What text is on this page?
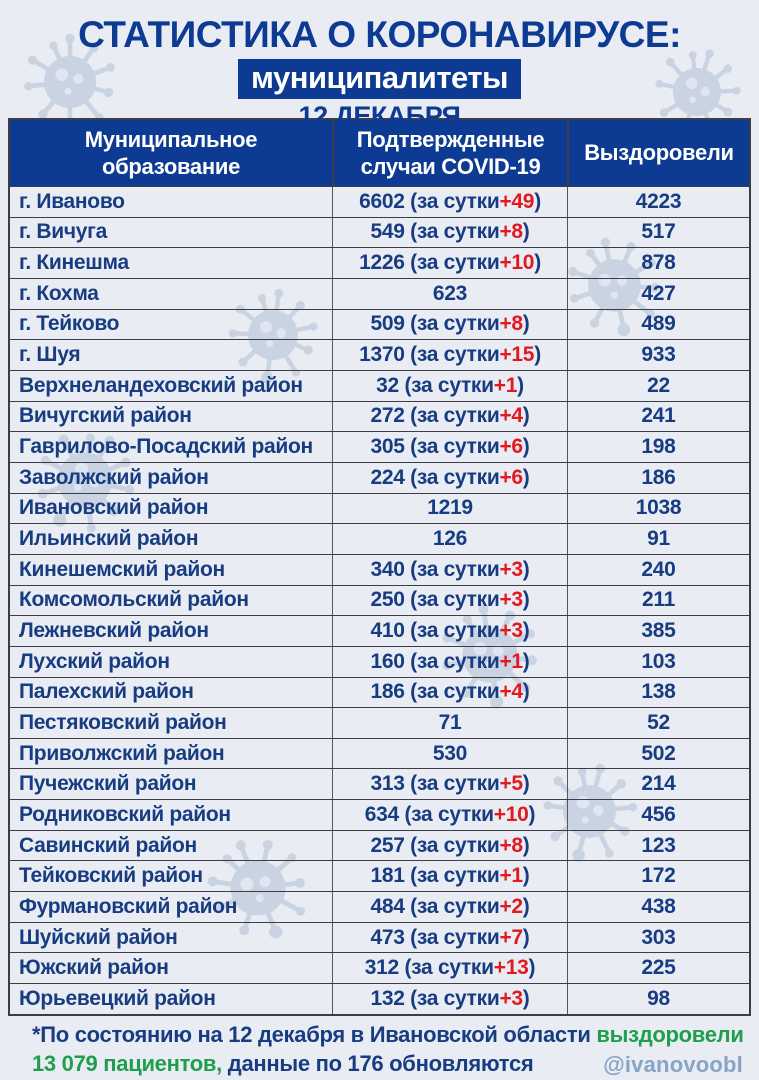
СТАТИСТИКА О КОРОНАВИРУСЕ:
муниципалитеты
12 ДЕКАБРЯ
Муниципальное образование
Подтвержденные случаи COVID-19
Выздоровели
г. Иваново	6602 (за сутки +49 )	4223
г. Вичуга	549 (за сутки +8 )	517
г. Кинешма	1226 (за сутки +10 )	878
г. Кохма	623	427
г. Тейково	509 (за сутки +8 )	489
г. Шуя	1370 (за сутки +15 )	933
Верхнеландеховский район	32 (за сутки +1 )	22
Вичугский район	272 (за сутки +4 )	241
Гаврилово-Посадский район	305 (за сутки +6 )	198
Заволжский район	224 (за сутки +6 )	186
Ивановский район	1219	1038
Ильинский район	126	91
Кинешемский район	340 (за сутки +3 )	240
Комсомольский район	250 (за сутки +3 )	211
Лежневский район	410 (за сутки +3 )	385
Лухский район	160 (за сутки +1 )	103
Палехский район	186 (за сутки +4 )	138
Пестяковский район	71	52
Приволжский район	530	502
Пучежский район	313 (за сутки +5 )	214
Родниковский район	634 (за сутки +10 )	456
Савинский район	257 (за сутки +8 )	123
Тейковский район	181 (за сутки +1 )	172
Фурмановский район	484 (за сутки +2 )	438
Шуйский район	473 (за сутки +7 )	303
Южский район	312 (за сутки +13 )	225
Юрьевецкий район	132 (за сутки +3 )	98
*По состоянию на 12 декабря в Ивановской области выздоровели
13 079 пациентов, данные по 176 обновляются	@ivanovoobl
